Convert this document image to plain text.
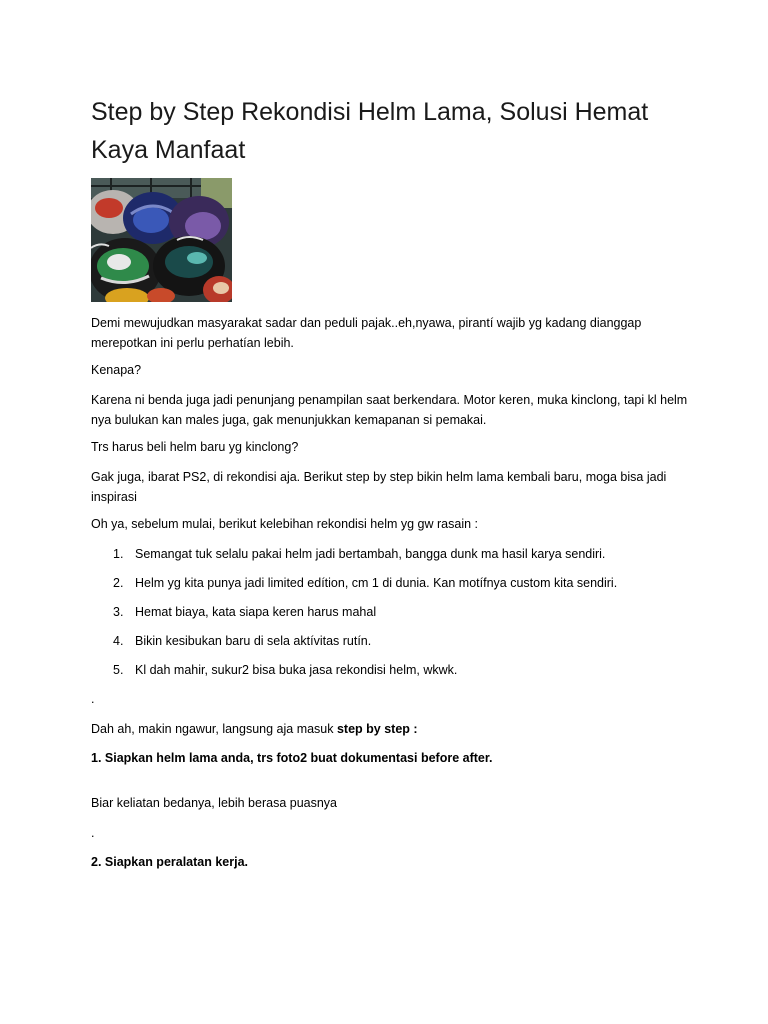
Step by Step Rekondisi Helm Lama, Solusi Hemat Kaya Manfaat

Demi mewujudkan masyarakat sadar dan peduli pajak..eh,nyawa, pirantí wajib yg kadang dianggap merepotkan ini perlu perhatían lebih.

Kenapa?

Karena ni benda juga jadi penunjang penampilan saat berkendara. Motor keren, muka kinclong, tapi kl helm nya bulukan kan males juga, gak menunjukkan kemapanan si pemakai.

Trs harus beli helm baru yg kinclong?

Gak juga, ibarat PS2, di rekondisi aja. Berikut step by step bikin helm lama kembali baru, moga bisa jadi inspirasi

Oh ya, sebelum mulai, berikut kelebihan rekondisi helm yg gw rasain :

1. Semangat tuk selalu pakai helm jadi bertambah, bangga dunk ma hasil karya sendiri.
2. Helm yg kita punya jadi limited edítion, cm 1 di dunia. Kan motífnya custom kita sendiri.
3. Hemat biaya, kata siapa keren harus mahal
4. Bikin kesibukan baru di sela aktívitas rutín.
5. Kl dah mahir, sukur2 bisa buka jasa rekondisi helm, wkwk.

.

Dah ah, makin ngawur, langsung aja masuk step by step :

1. Siapkan helm lama anda, trs foto2 buat dokumentasi before after.

Biar keliatan bedanya, lebih berasa puasnya

.

2. Siapkan peralatan kerja.
